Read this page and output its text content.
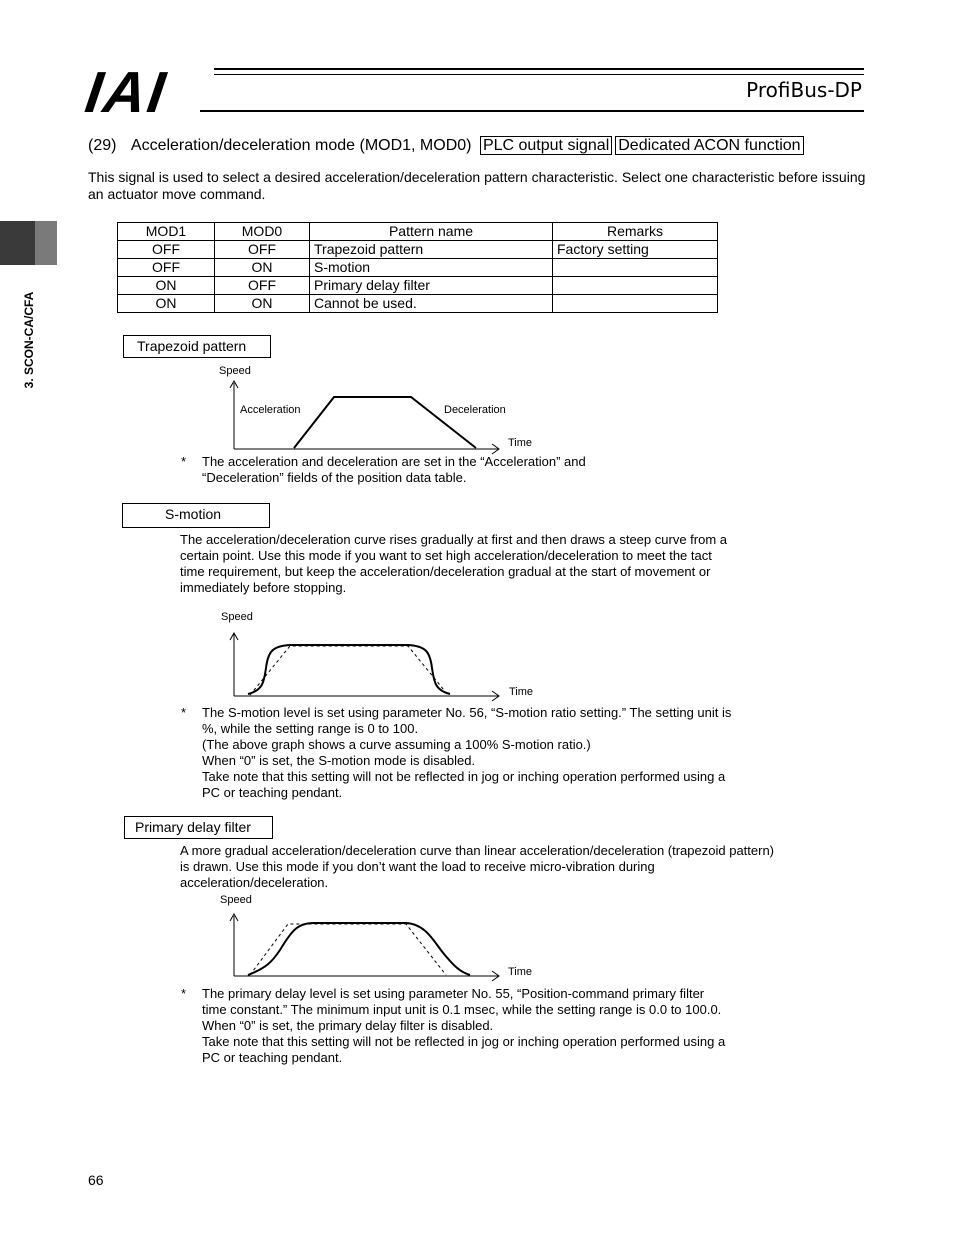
IAI	ProfiBus-DP
3. SCON-CA/CFA
(29) Acceleration/deceleration mode (MOD1, MOD0) PLC output signal Dedicated ACON function
This signal is used to select a desired acceleration/deceleration pattern characteristic. Select one characteristic before issuing an actuator move command.
MOD1	MOD0	Pattern name	Remarks
OFF	OFF	Trapezoid pattern	Factory setting
OFF	ON	S-motion	
ON	OFF	Primary delay filter	
ON	ON	Cannot be used.	
Trapezoid pattern
Speed
Acceleration	Deceleration
Time
* The acceleration and deceleration are set in the “Acceleration” and “Deceleration” fields of the position data table.
S-motion
The acceleration/deceleration curve rises gradually at first and then draws a steep curve from a certain point. Use this mode if you want to set high acceleration/deceleration to meet the tact time requirement, but keep the acceleration/deceleration gradual at the start of movement or immediately before stopping.
Speed
Time
* The S-motion level is set using parameter No. 56, “S-motion ratio setting.” The setting unit is %, while the setting range is 0 to 100.
(The above graph shows a curve assuming a 100% S-motion ratio.)
When “0” is set, the S-motion mode is disabled.
Take note that this setting will not be reflected in jog or inching operation performed using a PC or teaching pendant.
Primary delay filter
A more gradual acceleration/deceleration curve than linear acceleration/deceleration (trapezoid pattern) is drawn. Use this mode if you don’t want the load to receive micro-vibration during acceleration/deceleration.
Speed
Time
* The primary delay level is set using parameter No. 55, “Position-command primary filter time constant.” The minimum input unit is 0.1 msec, while the setting range is 0.0 to 100.0.
When “0” is set, the primary delay filter is disabled.
Take note that this setting will not be reflected in jog or inching operation performed using a PC or teaching pendant.
66
